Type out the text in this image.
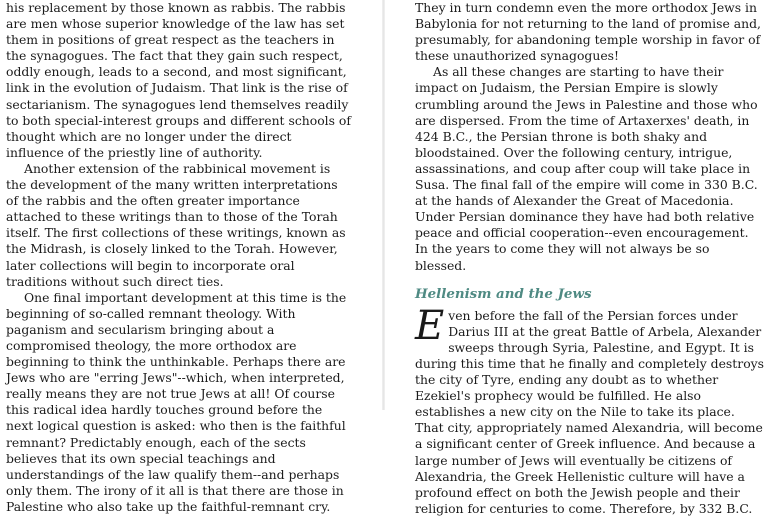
his replacement by those known as rabbis. The rabbis are men whose superior knowledge of the law has set them in positions of great respect as the teachers in the synagogues. The fact that they gain such respect, oddly enough, leads to a second, and most significant, link in the evolution of Judaism. That link is the rise of sectarianism. The synagogues lend themselves readily to both special-interest groups and different schools of thought which are no longer under the direct influence of the priestly line of authority.

Another extension of the rabbinical movement is the development of the many written interpretations of the rabbis and the often greater importance attached to these writings than to those of the Torah itself. The first collections of these writings, known as the Midrash, is closely linked to the Torah. However, later collections will begin to incorporate oral traditions without such direct ties.

One final important development at this time is the beginning of so-called remnant theology. With paganism and secularism bringing about a compromised theology, the more orthodox are beginning to think the unthinkable. Perhaps there are Jews who are "erring Jews"--which, when interpreted, really means they are not true Jews at all! Of course this radical idea hardly touches ground before the next logical question is asked: who then is the faithful remnant? Predictably enough, each of the sects believes that its own special teachings and understandings of the law qualify them--and perhaps only them. The irony of it all is that there are those in Palestine who also take up the faithful-remnant cry.

They in turn condemn even the more orthodox Jews in Babylonia for not returning to the land of promise and, presumably, for abandoning temple worship in favor of these unauthorized synagogues!

As all these changes are starting to have their impact on Judaism, the Persian Empire is slowly crumbling around the Jews in Palestine and those who are dispersed. From the time of Artaxerxes' death, in 424 B.C., the Persian throne is both shaky and bloodstained. Over the following century, intrigue, assassinations, and coup after coup will take place in Susa. The final fall of the empire will come in 330 B.C. at the hands of Alexander the Great of Macedonia. Under Persian dominance they have had both relative peace and official cooperation--even encouragement. In the years to come they will not always be so blessed.

Hellenism and the Jews

Even before the fall of the Persian forces under Darius III at the great Battle of Arbela, Alexander sweeps through Syria, Palestine, and Egypt. It is during this time that he finally and completely destroys the city of Tyre, ending any doubt as to whether Ezekiel's prophecy would be fulfilled. He also establishes a new city on the Nile to take its place. That city, appropriately named Alexandria, will become a significant center of Greek influence. And because a large number of Jews will eventually be citizens of Alexandria, the Greek Hellenistic culture will have a profound effect on both the Jewish people and their religion for centuries to come. Therefore, by 332 B.C.
